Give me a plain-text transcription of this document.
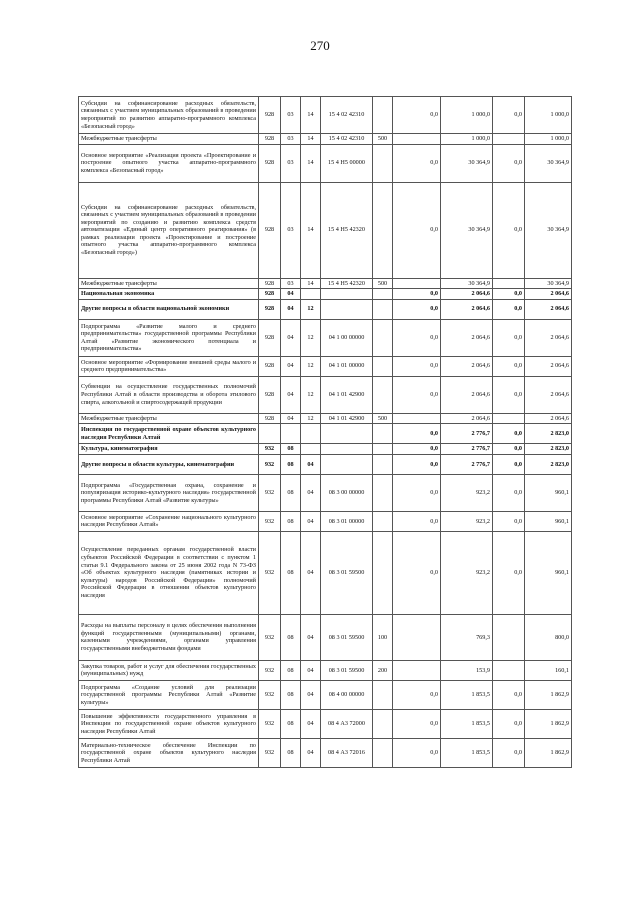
270
Субсидии на софинансирование расходных обязательств, связанных с участием муниципальных образований в проведении мероприятий по развитию аппаратно-программного комплекса «Безопасный город»	928	03	14	15 4 02 42310		0,0	1 000,0	0,0	1 000,0
Межбюджетные трансферты	928	03	14	15 4 02 42310	500		1 000,0		1 000,0
Основное мероприятие «Реализация проекта «Проектирование и построение опытного участка аппаратно-программного комплекса «Безопасный город»	928	03	14	15 4 Н5 00000		0,0	30 364,9	0,0	30 364,9
Субсидии на софинансирование расходных обязательств, связанных с участием муниципальных образований в проведении мероприятий по созданию и развитию комплекса средств автоматизации «Единый центр оперативного реагирования» (в рамках реализации проекта «Проектирование и построение опытного участка аппаратно-программного комплекса «Безопасный город»)	928	03	14	15 4 Н5 42320		0,0	30 364,9	0,0	30 364,9
Межбюджетные трансферты	928	03	14	15 4 Н5 42320	500		30 364,9		30 364,9
Национальная экономика	928	04				0,0	2 064,6	0,0	2 064,6
Другие вопросы в области национальной экономики	928	04	12			0,0	2 064,6	0,0	2 064,6
Подпрограмма «Развитие малого и среднего предпринимательства» государственной программы Республики Алтай «Развитие экономического потенциала и предпринимательства»	928	04	12	04 1 00 00000		0,0	2 064,6	0,0	2 064,6
Основное мероприятие «Формирование внешней среды малого и среднего предпринимательства»	928	04	12	04 1 01 00000		0,0	2 064,6	0,0	2 064,6
Субвенции на осуществление государственных полномочий Республики Алтай в области производства и оборота этилового спирта, алкогольной и спиртосодержащей продукции	928	04	12	04 1 01 42900		0,0	2 064,6	0,0	2 064,6
Межбюджетные трансферты	928	04	12	04 1 01 42900	500		2 064,6		2 064,6
Инспекция по государственной охране объектов культурного наследия Республики Алтай						0,0	2 776,7	0,0	2 823,0
Культура, кинематография	932	08				0,0	2 776,7	0,0	2 823,0
Другие вопросы в области культуры, кинематографии	932	08	04			0,0	2 776,7	0,0	2 823,0
Подпрограмма «Государственная охрана, сохранение и популяризация историко-культурного наследия» государственной программы Республики Алтай «Развитие культуры»	932	08	04	08 3 00 00000		0,0	923,2	0,0	960,1
Основное мероприятие «Сохранение национального культурного наследия Республики Алтай»	932	08	04	08 3 01 00000		0,0	923,2	0,0	960,1
Осуществление переданных органам государственной власти субъектов Российской Федерации в соответствии с пунктом 1 статьи 9.1 Федерального закона от 25 июня 2002 года N 73-ФЗ «Об объектах культурного наследия (памятниках истории и культуры) народов Российской Федерации» полномочий Российской Федерации в отношении объектов культурного наследия	932	08	04	08 3 01 59500		0,0	923,2	0,0	960,1
Расходы на выплаты персоналу в целях обеспечения выполнения функций государственными (муниципальными) органами, казенными учреждениями, органами управления государственными внебюджетными фондами	932	08	04	08 3 01 59500	100		769,3		800,0
Закупка товаров, работ и услуг для обеспечения государственных (муниципальных) нужд	932	08	04	08 3 01 59500	200		153,9		160,1
Подпрограмма «Создание условий для реализации государственной программы Республики Алтай «Развитие культуры»	932	08	04	08 4 00 00000		0,0	1 853,5	0,0	1 862,9
Повышение эффективности государственного управления в Инспекции по государственной охране объектов культурного наследия Республики Алтай	932	08	04	08 4 А3 72000		0,0	1 853,5	0,0	1 862,9
Материально-техническое обеспечение Инспекции по государственной охране объектов культурного наследия Республики Алтай	932	08	04	08 4 А3 72016		0,0	1 853,5	0,0	1 862,9
